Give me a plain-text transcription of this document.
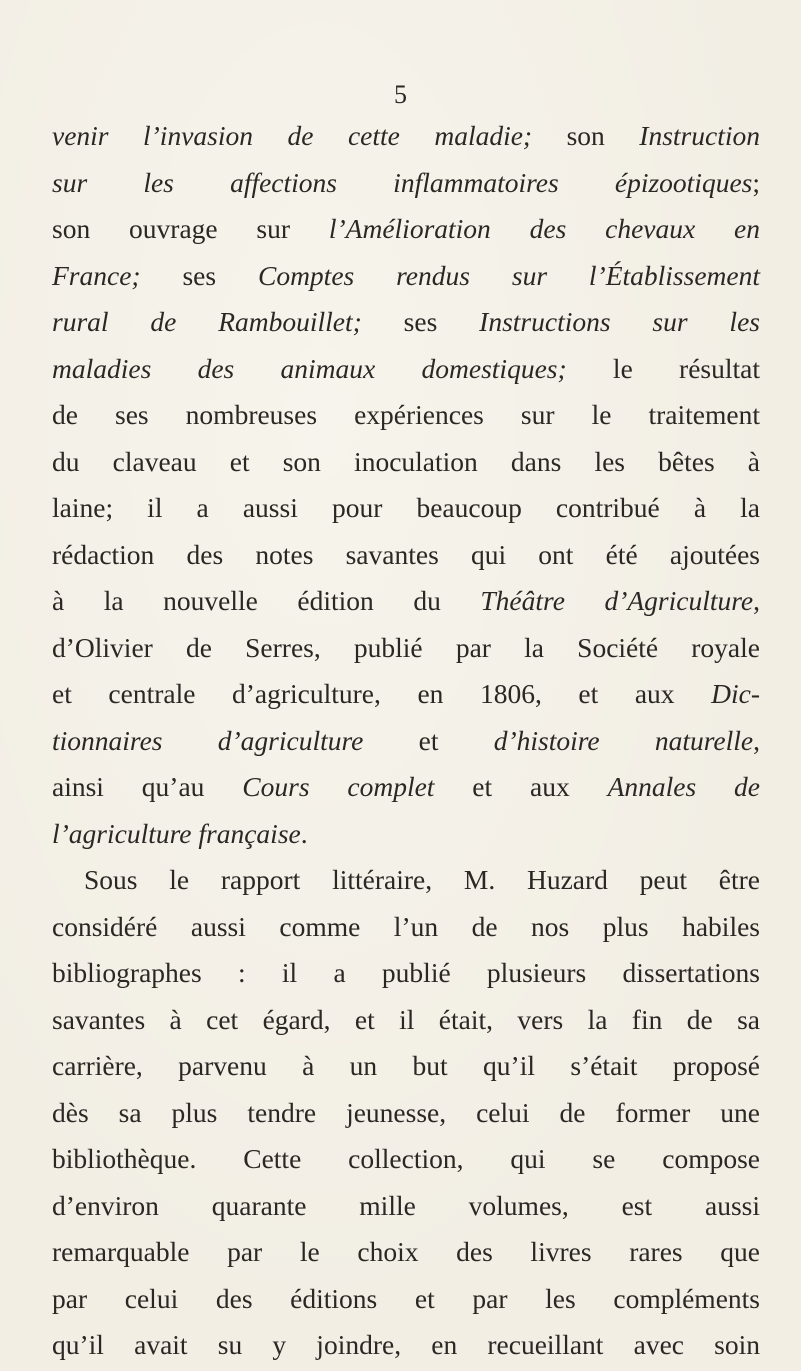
5
venir l’invasion de cette maladie; son Instruction
sur les affections inflammatoires épizootiques;
son ouvrage sur l’Amélioration des chevaux en
France; ses Comptes rendus sur l’Établissement
rural de Rambouillet; ses Instructions sur les
maladies des animaux domestiques; le résultat
de ses nombreuses expériences sur le traitement
du claveau et son inoculation dans les bêtes à
laine; il a aussi pour beaucoup contribué à la
rédaction des notes savantes qui ont été ajoutées
à la nouvelle édition du Théâtre d’Agriculture,
d’Olivier de Serres, publié par la Société royale
et centrale d’agriculture, en 1806, et aux Dic-
tionnaires d’agriculture et d’histoire naturelle,
ainsi qu’au Cours complet et aux Annales de
l’agriculture française.
Sous le rapport littéraire, M. Huzard peut être
considéré aussi comme l’un de nos plus habiles
bibliographes : il a publié plusieurs dissertations
savantes à cet égard, et il était, vers la fin de sa
carrière, parvenu à un but qu’il s’était proposé
dès sa plus tendre jeunesse, celui de former une
bibliothèque. Cette collection, qui se compose
d’environ quarante mille volumes, est aussi
remarquable par le choix des livres rares que
par celui des éditions et par les compléments
qu’il avait su y joindre, en recueillant avec soin
